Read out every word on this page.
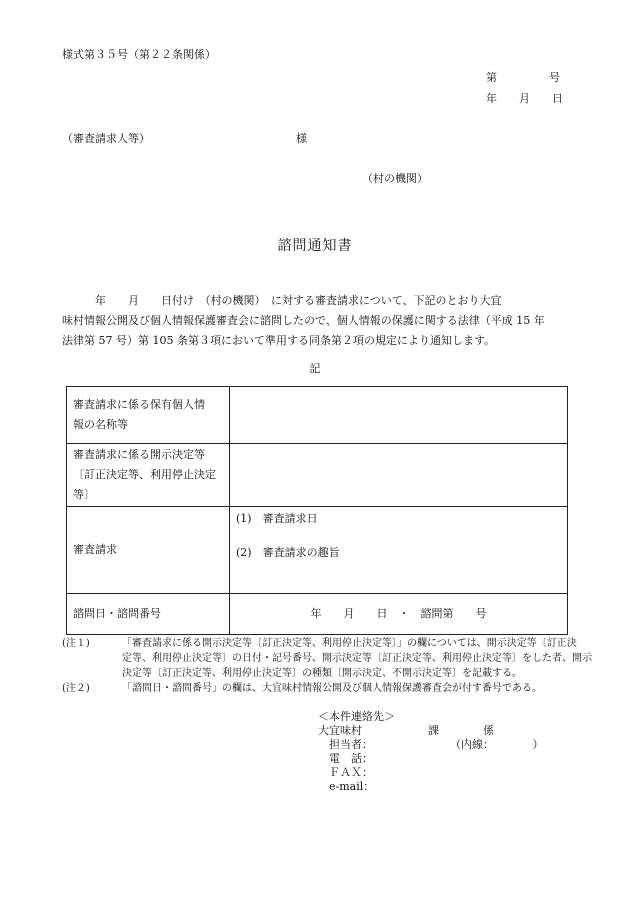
様式第３５号（第２２条関係）
第	号
年　　月　　日
（審査請求人等）	様
（村の機関）
諮問通知書
　　　年　　月　　日付け　（村の機関）　に対する審査請求について、下記のとおり大宜
味村情報公開及び個人情報保護審査会に諮問したので、個人情報の保護に関する法律（平成 15 年
法律第 57 号）第 105 条第３項において準用する同条第２項の規定により通知します。
記
審査請求に係る保有個人情
報の名称等	

審査請求に係る開示決定等
〔訂正決定等、利用停止決定
等〕	

審査請求	(1)　審査請求日
(2)　審査請求の趣旨

諮問日・諮問番号	年　　月　　日　・　諮問第　　号
(注１)	「審査請求に係る開示決定等〔訂正決定等、利用停止決定等〕」の欄については、開示決定等〔訂正決
定等、利用停止決定等〕の日付・記号番号、開示決定等〔訂正決定等、利用停止決定等〕をした者、開示
決定等〔訂正決定等、利用停止決定等〕の種類〔開示決定、不開示決定等〕を記載する。
(注２)	「諮問日・諮問番号」の欄は、大宜味村情報公開及び個人情報保護審査会が付す番号である。
＜本件連絡先＞
大宜味村　　　　　　課　　　　係
　担当者：　　　　　　　　（内線：　　　　）
　電　話：
　ＦＡＸ：
　e-mail：
